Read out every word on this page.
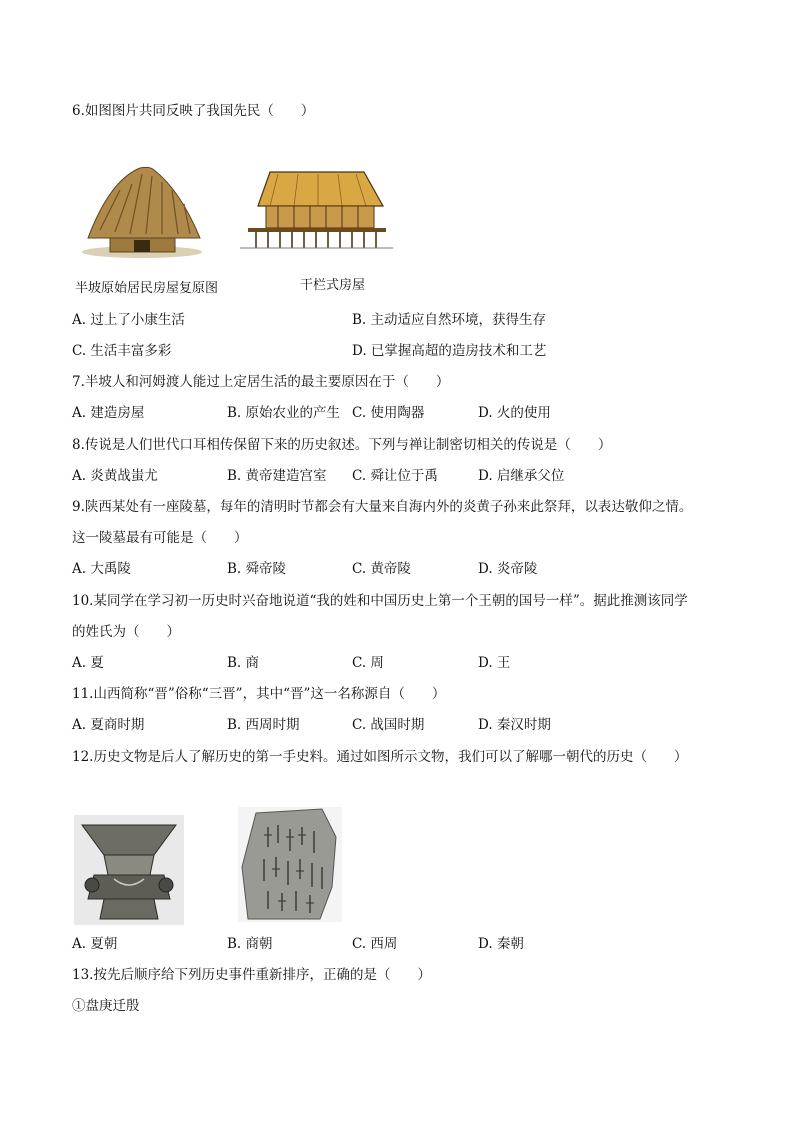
6.如图图片共同反映了我国先民（　　）
半坡原始居民房屋复原图	干栏式房屋
A. 过上了小康生活	B. 主动适应自然环境，获得生存
C. 生活丰富多彩	D. 已掌握高超的造房技术和工艺
7.半坡人和河姆渡人能过上定居生活的最主要原因在于（　　）
A. 建造房屋	B. 原始农业的产生 C. 使用陶器	D. 火的使用
8.传说是人们世代口耳相传保留下来的历史叙述。下列与禅让制密切相关的传说是（　　）
A. 炎黄战蚩尤	B. 黄帝建造宫室 C. 舜让位于禹	D. 启继承父位
9.陕西某处有一座陵墓，每年的清明时节都会有大量来自海内外的炎黄子孙来此祭拜，以表达敬仰之情。
这一陵墓最有可能是（　　）
A. 大禹陵	B. 舜帝陵	C. 黄帝陵	D. 炎帝陵
10.某同学在学习初一历史时兴奋地说道“我的姓和中国历史上第一个王朝的国号一样”。据此推测该同学
的姓氏为（　　）
A. 夏	B. 商	C. 周	D. 王
11.山西简称“晋”俗称“三晋”，其中“晋”这一名称源自（　　）
A. 夏商时期	B. 西周时期	C. 战国时期	D. 秦汉时期
12.历史文物是后人了解历史的第一手史料。通过如图所示文物，我们可以了解哪一朝代的历史（　　）
A. 夏朝	B. 商朝	C. 西周	D. 秦朝
13.按先后顺序给下列历史事件重新排序，正确的是（　　）
①盘庚迁殷
